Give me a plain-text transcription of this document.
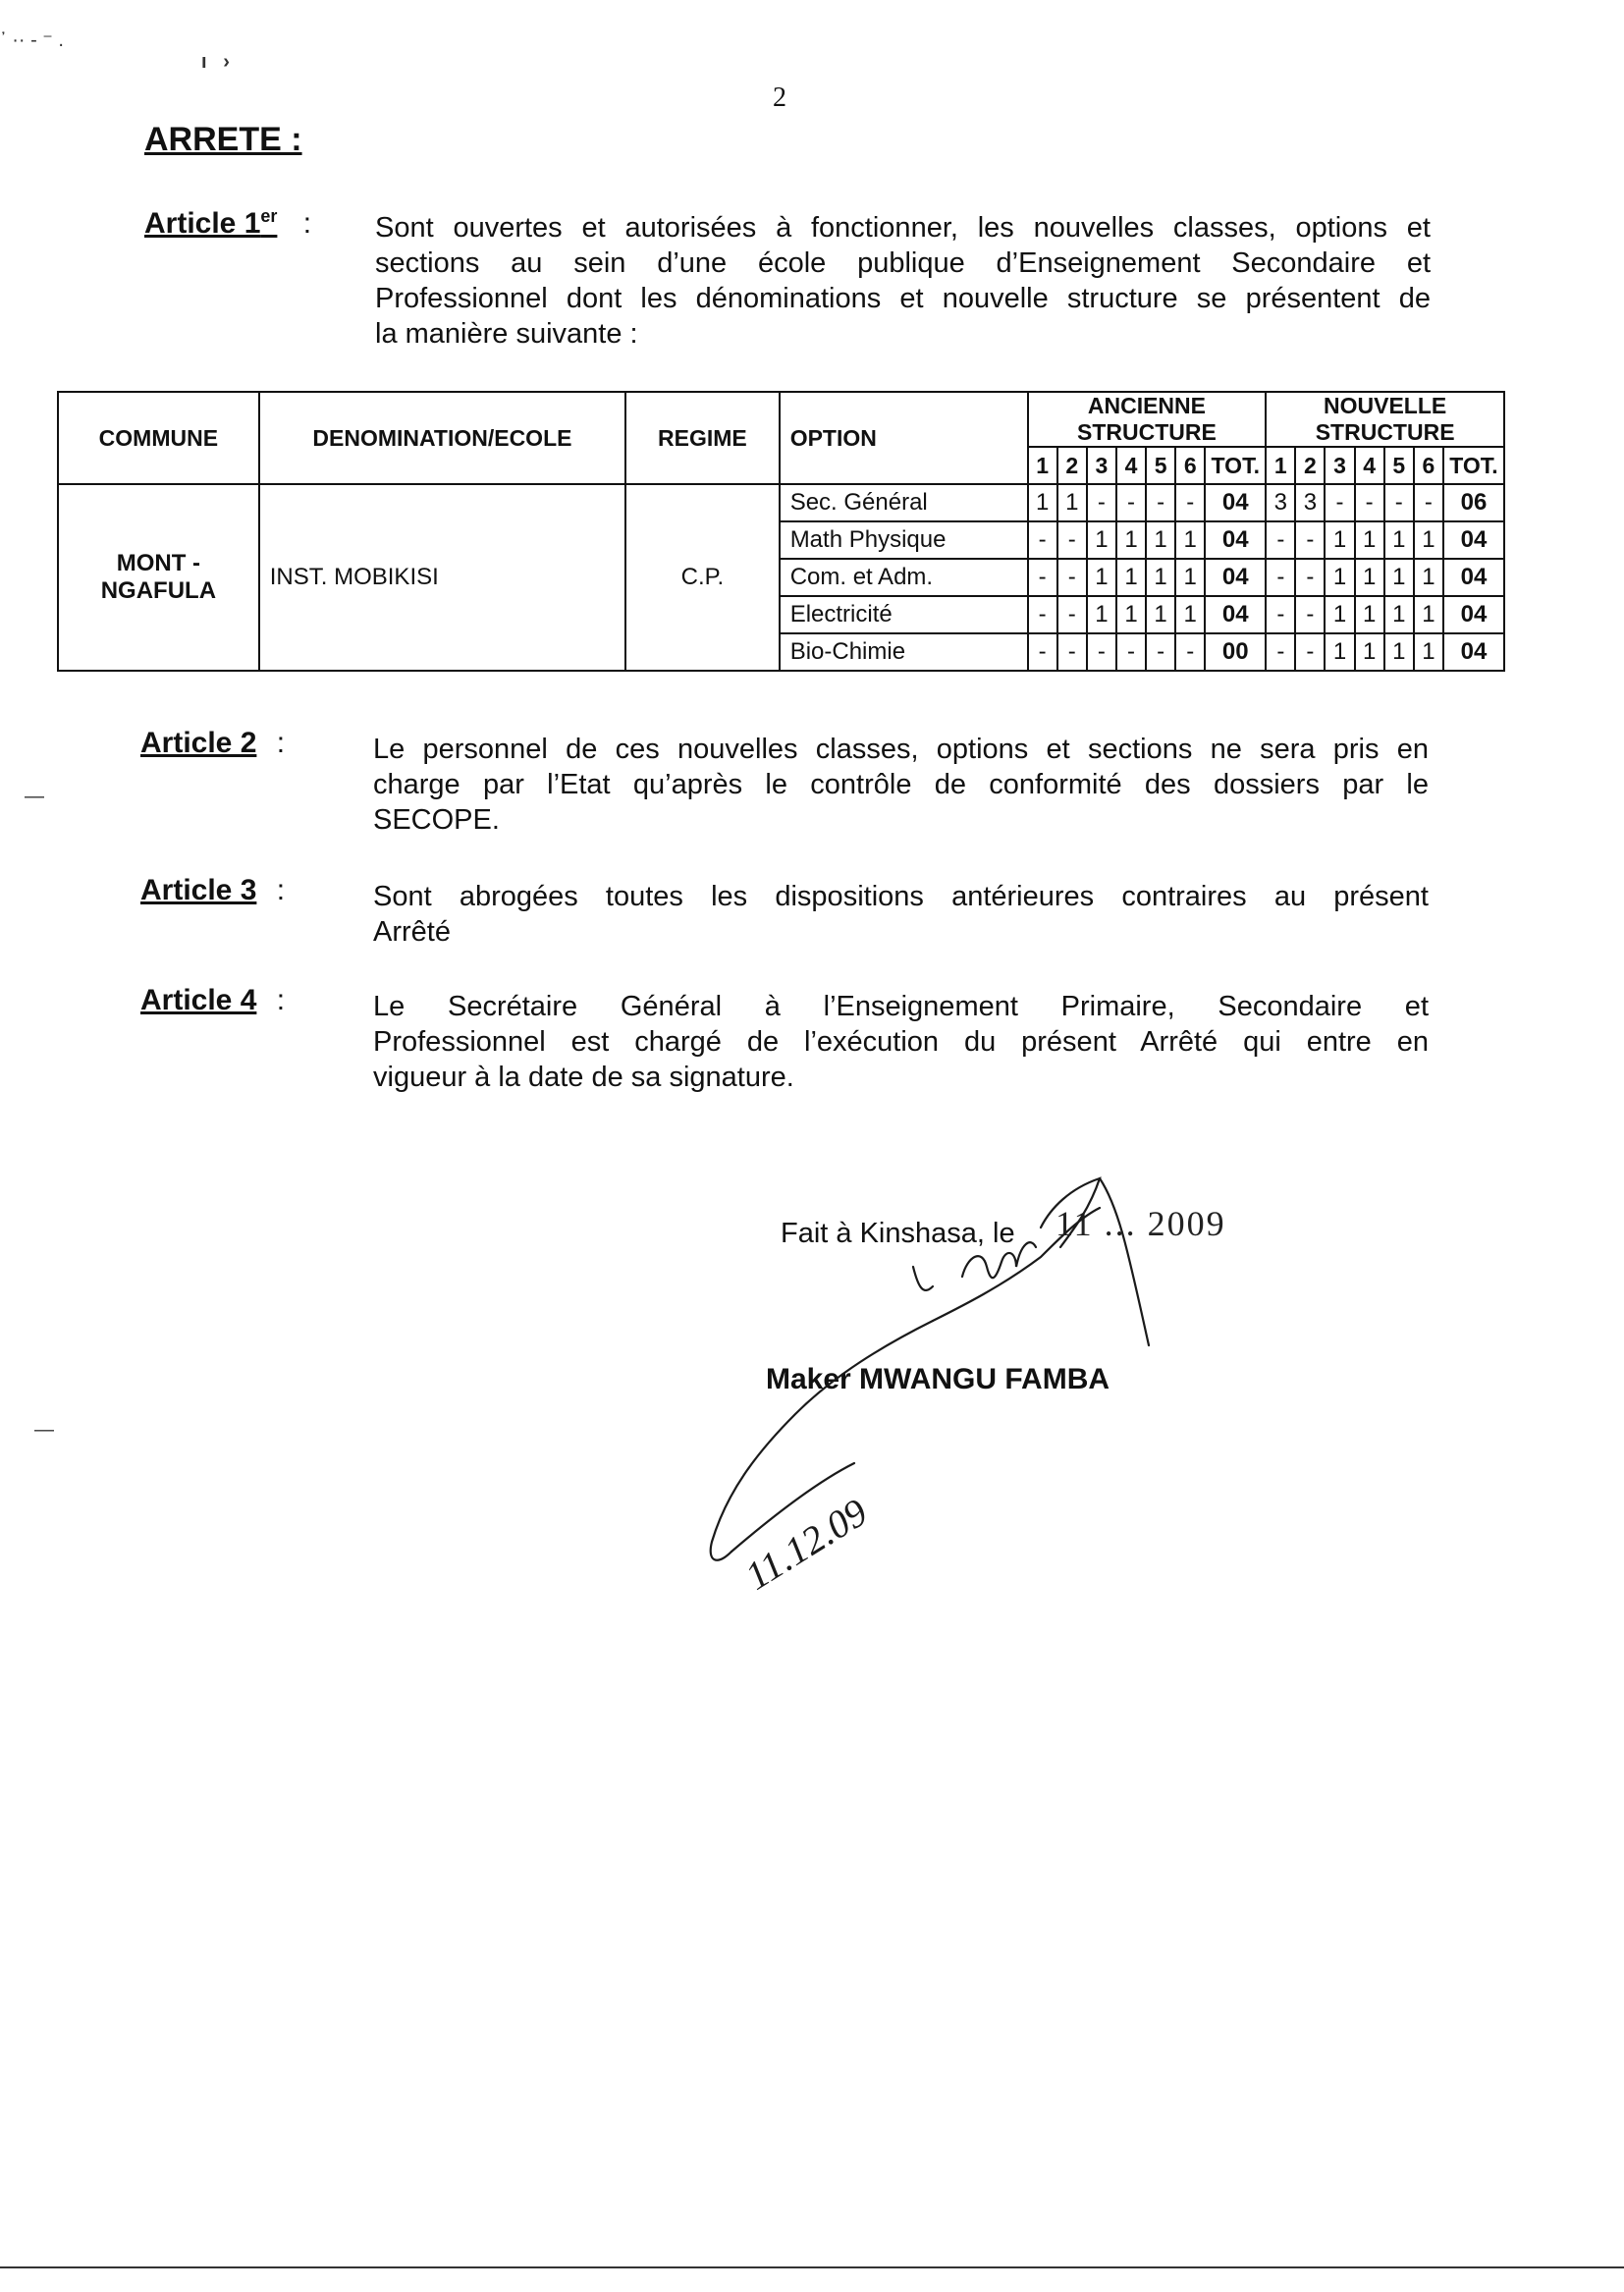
᾽ ·· ‐ ⁻ .
ı   ›
—
—
2
ARRETE :
Article 1er : Sont ouvertes et autorisées à fonctionner, les nouvelles classes, options et
sections au sein d’une école publique d’Enseignement Secondaire et
Professionnel dont les dénominations et nouvelle structure se présentent de
la manière suivante :
COMMUNE	DENOMINATION/ECOLE	REGIME	OPTION	ANCIENNE STRUCTURE							NOUVELLE STRUCTURE						
				1	2	3	4	5	6	TOT.	1	2	3	4	5	6	TOT.
MONT - NGAFULA	INST. MOBIKISI	C.P.	Sec. Général	1	1	-	-	-	-	04	3	3	-	-	-	-	06
			Math Physique	-	-	1	1	1	1	04	-	-	1	1	1	1	04
			Com. et Adm.	-	-	1	1	1	1	04	-	-	1	1	1	1	04
			Electricité	-	-	1	1	1	1	04	-	-	1	1	1	1	04
			Bio-Chimie	-	-	-	-	-	-	00	-	-	1	1	1	1	04
Article 2 :	Le personnel de ces nouvelles classes, options et sections ne sera pris en
charge par l’Etat qu’après le contrôle de conformité des dossiers par le
SECOPE.
Article 3 :	Sont abrogées toutes les dispositions antérieures contraires au présent
Arrêté
Article 4 :	Le Secrétaire Général à l’Enseignement Primaire, Secondaire et
Professionnel est chargé de l’exécution du présent Arrêté qui entre en
vigueur à la date de sa signature.
Fait à Kinshasa, le 11 ... 2009
Maker MWANGU FAMBA
11.12.09
